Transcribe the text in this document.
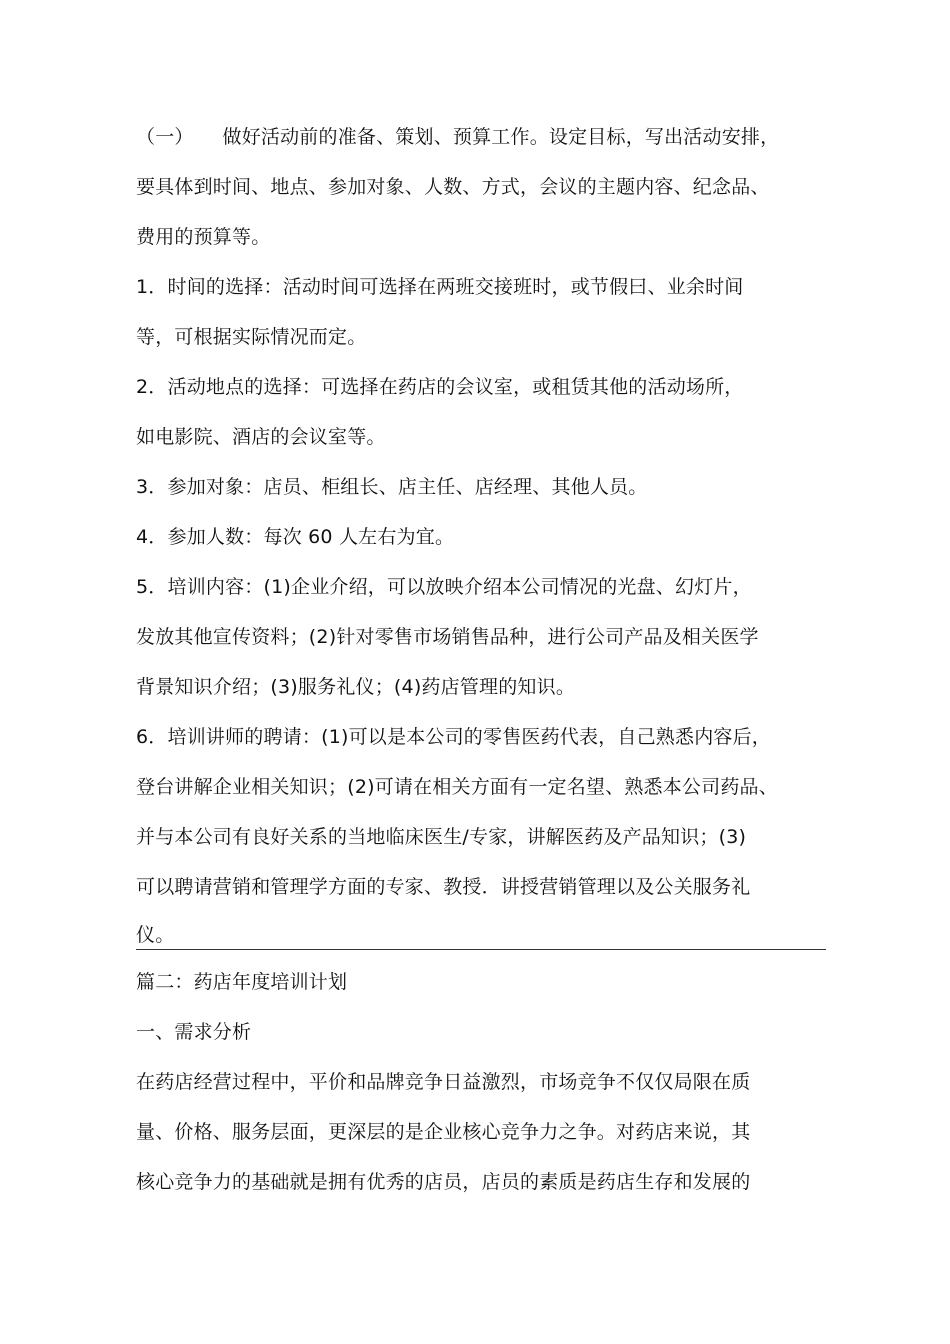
（一）　　做好活动前的准备、策划、预算工作。设定目标，写出活动安排，

要具体到时间、地点、参加对象、人数、方式，会议的主题内容、纪念品、

费用的预算等。

1．时间的选择：活动时间可选择在两班交接班时，或节假曰、业余时间

等，可根据实际情况而定。

2．活动地点的选择：可选择在药店的会议室，或租赁其他的活动场所，

如电影院、酒店的会议室等。

3．参加对象：店员、柜组长、店主任、店经理、其他人员。

4．参加人数：每次 60 人左右为宜。

5．培训内容：(1)企业介绍，可以放映介绍本公司情况的光盘、幻灯片，

发放其他宣传资料；(2)针对零售市场销售品种，进行公司产品及相关医学

背景知识介绍；(3)服务礼仪；(4)药店管理的知识。

6．培训讲师的聘请：(1)可以是本公司的零售医药代表，自己熟悉内容后，

登台讲解企业相关知识；(2)可请在相关方面有一定名望、熟悉本公司药品、

并与本公司有良好关系的当地临床医生/专家，讲解医药及产品知识；(3)

可以聘请营销和管理学方面的专家、教授．讲授营销管理以及公关服务礼

仪。

篇二：药店年度培训计划

一、需求分析

在药店经营过程中，平价和品牌竞争日益激烈，市场竞争不仅仅局限在质

量、价格、服务层面，更深层的是企业核心竞争力之争。对药店来说，其

核心竞争力的基础就是拥有优秀的店员，店员的素质是药店生存和发展的
